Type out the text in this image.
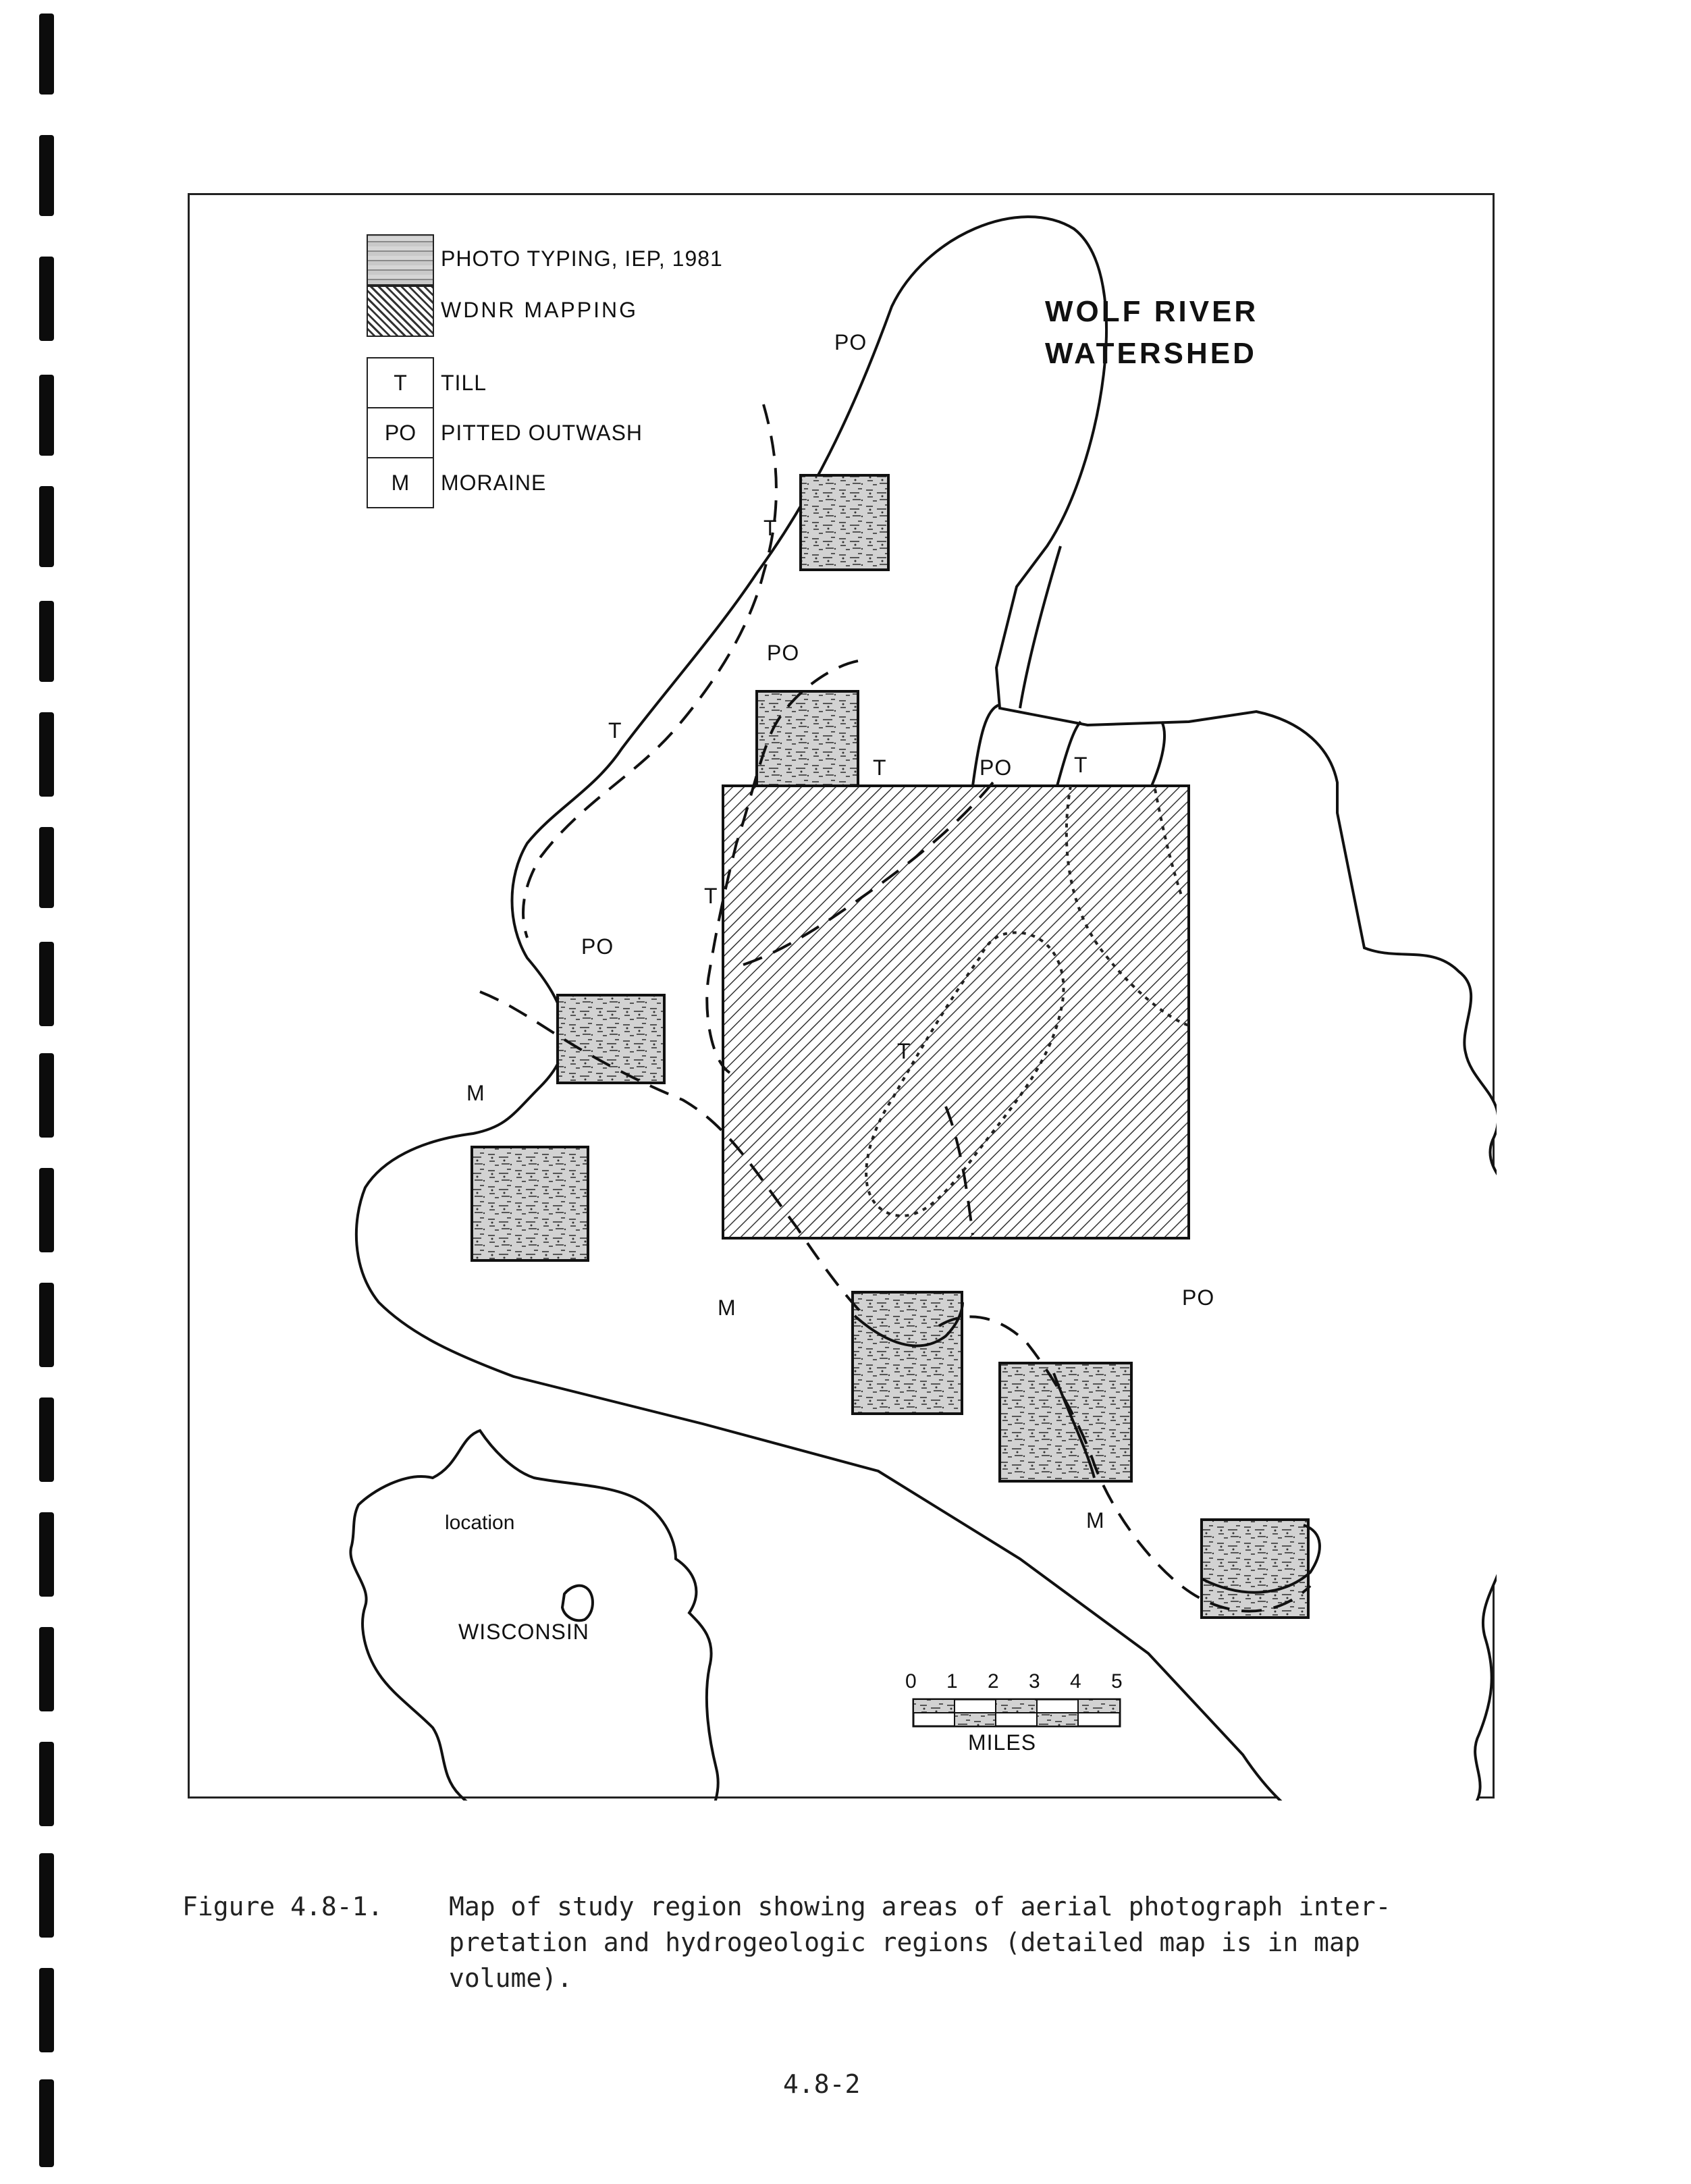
PHOTO TYPING, IEP, 1981
WDNR MAPPING
T	TILL
PO	PITTED OUTWASH
M	MORAINE
WOLF RIVER
WATERSHED
PO
T
PO
T
T	PO	T
T
PO
T
M
PO
M
M
location
WISCONSIN
0 1 2 3 4 5
MILES
Figure 4.8-1.	Map of study region showing areas of aerial photograph inter-
pretation and hydrogeologic regions (detailed map is in map
volume).
4.8-2
